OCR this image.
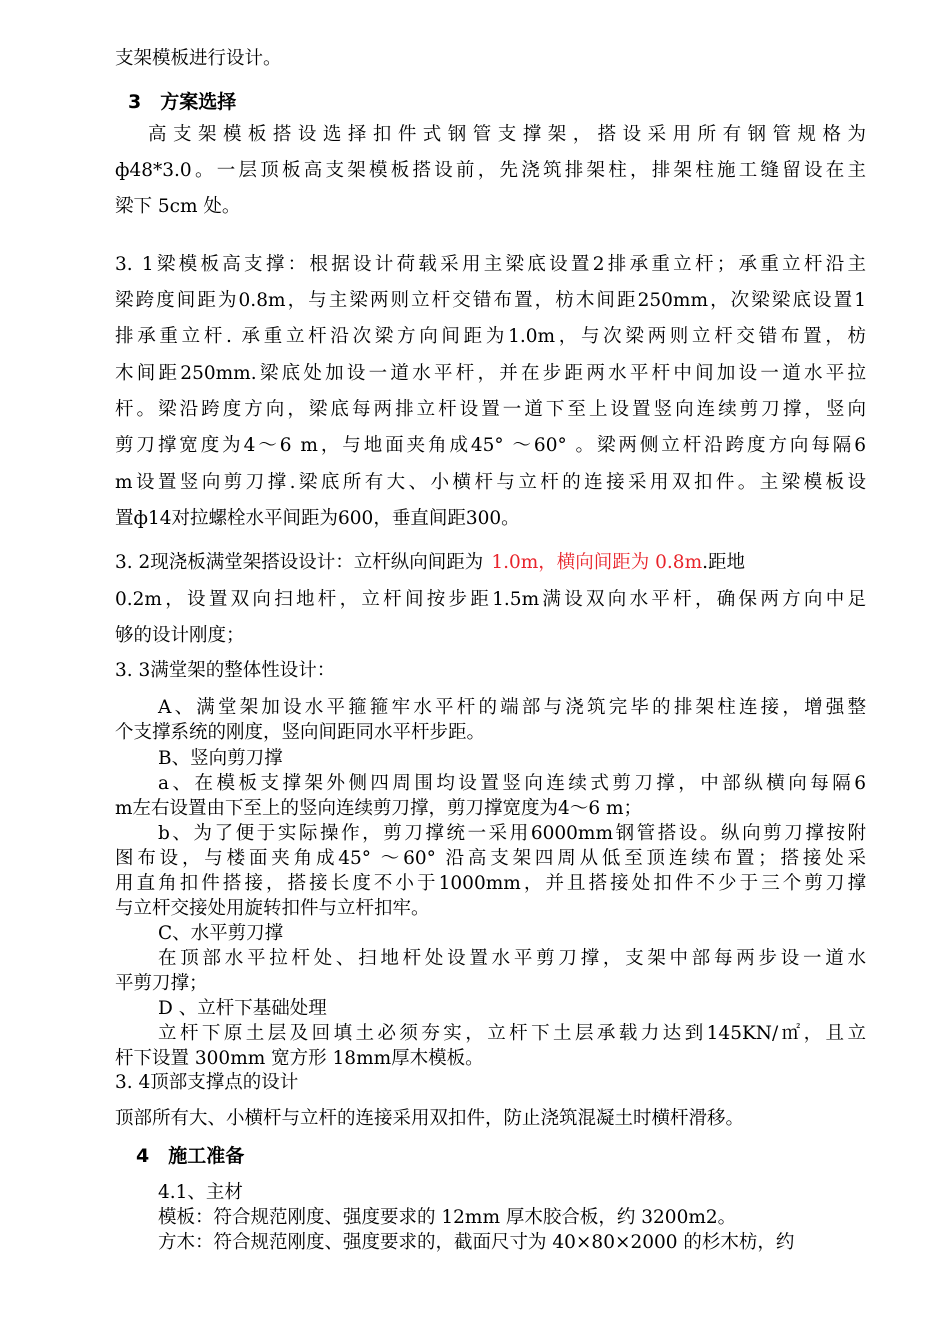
支架模板进行设计。
3　方案选择
高支架模板搭设选择扣件式钢管支撑架，搭设采用所有钢管规格为
ф48*3.0。一层顶板高支架模板搭设前，先浇筑排架柱，排架柱施工缝留设在主
梁下 5cm 处。
3. 1梁模板高支撑：根据设计荷载采用主梁底设置2排承重立杆；承重立杆沿主
梁跨度间距为0.8m，与主梁两则立杆交错布置，枋木间距250mm，次梁梁底设置1
排承重立杆. 承重立杆沿次梁方向间距为1.0m，与次梁两则立杆交错布置，枋
木间距250mm.梁底处加设一道水平杆，并在步距两水平杆中间加设一道水平拉
杆。梁沿跨度方向，梁底每两排立杆设置一道下至上设置竖向连续剪刀撑，竖向
剪刀撑宽度为4～6 m，与地面夹角成45° ～60° 。梁两侧立杆沿跨度方向每隔6
m设置竖向剪刀撑.梁底所有大、小横杆与立杆的连接采用双扣件。主梁模板设
置ф14对拉螺栓水平间距为600，垂直间距300。
3. 2现浇板满堂架搭设设计：立杆纵向间距为 1.0m，横向间距为 0.8m.距地
0.2m，设置双向扫地杆，立杆间按步距1.5m满设双向水平杆，确保两方向中足
够的设计刚度；
3. 3满堂架的整体性设计：
A、满堂架加设水平箍箍牢水平杆的端部与浇筑完毕的排架柱连接，增强整
个支撑系统的刚度，竖向间距同水平杆步距。
B、竖向剪刀撑
a、在模板支撑架外侧四周围均设置竖向连续式剪刀撑，中部纵横向每隔6
m左右设置由下至上的竖向连续剪刀撑，剪刀撑宽度为4～6 m；
b、为了便于实际操作，剪刀撑统一采用6000mm钢管搭设。纵向剪刀撑按附
图布设，与楼面夹角成45° ～60° 沿高支架四周从低至顶连续布置；搭接处采
用直角扣件搭接，搭接长度不小于1000mm，并且搭接处扣件不少于三个剪刀撑
与立杆交接处用旋转扣件与立杆扣牢。
C、水平剪刀撑
在顶部水平拉杆处、扫地杆处设置水平剪刀撑，支架中部每两步设一道水
平剪刀撑；
D 、立杆下基础处理
立杆下原土层及回填土必须夯实，立杆下土层承载力达到145KN/㎡，且立
杆下设置 300mm 宽方形 18mm厚木模板。
3. 4顶部支撑点的设计
顶部所有大、小横杆与立杆的连接采用双扣件，防止浇筑混凝土时横杆滑移。
4　施工准备
4.1、主材
模板：符合规范刚度、强度要求的 12mm 厚木胶合板，约 3200m2。
方木：符合规范刚度、强度要求的，截面尺寸为 40×80×2000 的杉木枋，约
